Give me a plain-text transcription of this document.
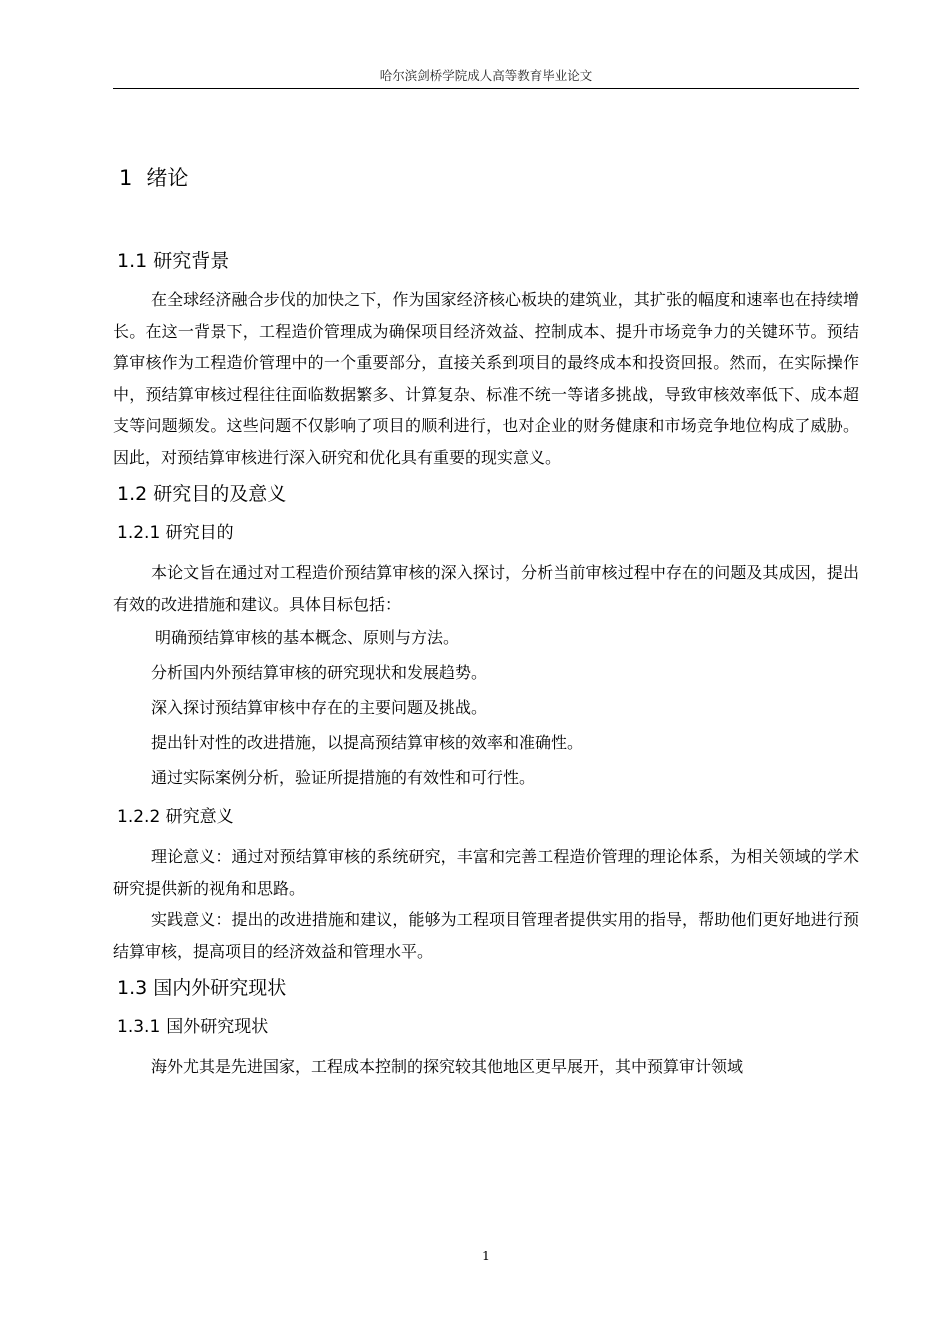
哈尔滨剑桥学院成人高等教育毕业论文
1 绪论
1.1 研究背景

在全球经济融合步伐的加快之下，作为国家经济核心板块的建筑业，其扩张的幅度和速率也在持续增长。在这一背景下，工程造价管理成为确保项目经济效益、控制成本、提升市场竞争力的关键环节。预结算审核作为工程造价管理中的一个重要部分，直接关系到项目的最终成本和投资回报。然而，在实际操作中，预结算审核过程往往面临数据繁多、计算复杂、标准不统一等诸多挑战，导致审核效率低下、成本超支等问题频发。这些问题不仅影响了项目的顺利进行，也对企业的财务健康和市场竞争地位构成了威胁。因此，对预结算审核进行深入研究和优化具有重要的现实意义。

1.2 研究目的及意义
1.2.1 研究目的

本论文旨在通过对工程造价预结算审核的深入探讨，分析当前审核过程中存在的问题及其成因，提出有效的改进措施和建议。具体目标包括：

明确预结算审核的基本概念、原则与方法。

分析国内外预结算审核的研究现状和发展趋势。

深入探讨预结算审核中存在的主要问题及挑战。

提出针对性的改进措施，以提高预结算审核的效率和准确性。

通过实际案例分析，验证所提措施的有效性和可行性。

1.2.2 研究意义

理论意义：通过对预结算审核的系统研究，丰富和完善工程造价管理的理论体系，为相关领域的学术研究提供新的视角和思路。

实践意义：提出的改进措施和建议，能够为工程项目管理者提供实用的指导，帮助他们更好地进行预结算审核，提高项目的经济效益和管理水平。

1.3 国内外研究现状
1.3.1 国外研究现状

海外尤其是先进国家，工程成本控制的探究较其他地区更早展开，其中预算审计领域

1
